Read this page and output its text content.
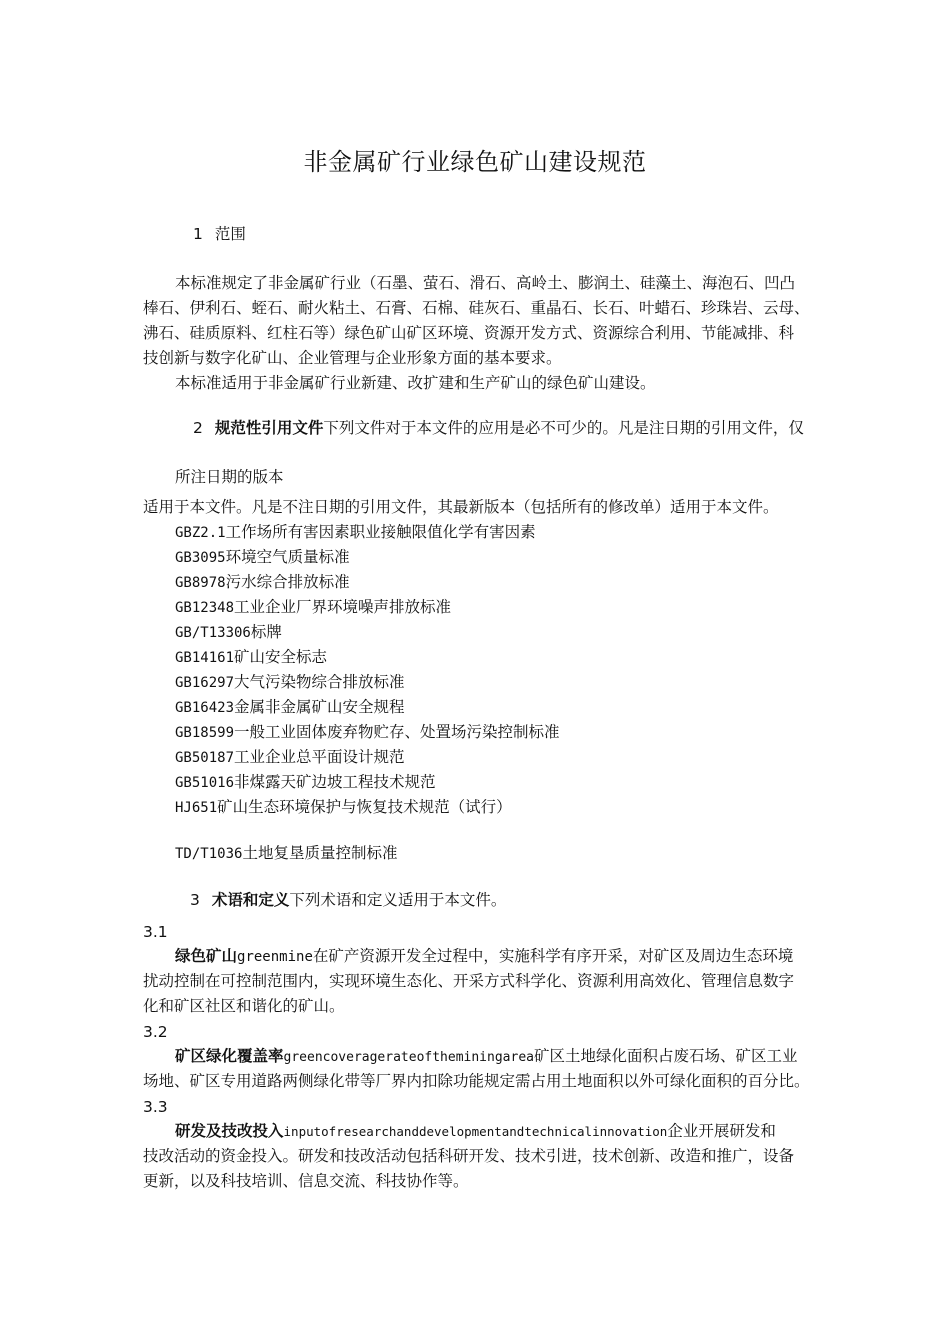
非金属矿行业绿色矿山建设规范
1 范围
本标准规定了非金属矿行业（石墨、萤石、滑石、高岭土、膨润土、硅藻土、海泡石、凹凸
棒石、伊利石、蛭石、耐火粘土、石膏、石棉、硅灰石、重晶石、长石、叶蜡石、珍珠岩、云母、
沸石、硅质原料、红柱石等）绿色矿山矿区环境、资源开发方式、资源综合利用、节能减排、科
技创新与数字化矿山、企业管理与企业形象方面的基本要求。
本标准适用于非金属矿行业新建、改扩建和生产矿山的绿色矿山建设。
2 规范性引用文件下列文件对于本文件的应用是必不可少的。凡是注日期的引用文件，仅
所注日期的版本
适用于本文件。凡是不注日期的引用文件，其最新版本（包括所有的修改单）适用于本文件。
GBZ2.1工作场所有害因素职业接触限值化学有害因素
GB3095环境空气质量标准
GB8978污水综合排放标准
GB12348工业企业厂界环境噪声排放标准
GB/T13306标牌
GB14161矿山安全标志
GB16297大气污染物综合排放标准
GB16423金属非金属矿山安全规程
GB18599一般工业固体废弃物贮存、处置场污染控制标准
GB50187工业企业总平面设计规范
GB51016非煤露天矿边坡工程技术规范
HJ651矿山生态环境保护与恢复技术规范（试行）
TD/T1036土地复垦质量控制标准
3 术语和定义下列术语和定义适用于本文件。
3.1
绿色矿山greenmine在矿产资源开发全过程中，实施科学有序开采，对矿区及周边生态环境
扰动控制在可控制范围内，实现环境生态化、开采方式科学化、资源利用高效化、管理信息数字
化和矿区社区和谐化的矿山。
3.2
矿区绿化覆盖率greencoveragerateoftheminingarea矿区土地绿化面积占废石场、矿区工业
场地、矿区专用道路两侧绿化带等厂界内扣除功能规定需占用土地面积以外可绿化面积的百分比。
3.3
研发及技改投入inputofresearchanddevelopmentandtechnicalinnovation企业开展研发和
技改活动的资金投入。研发和技改活动包括科研开发、技术引进，技术创新、改造和推广，设备
更新，以及科技培训、信息交流、科技协作等。
